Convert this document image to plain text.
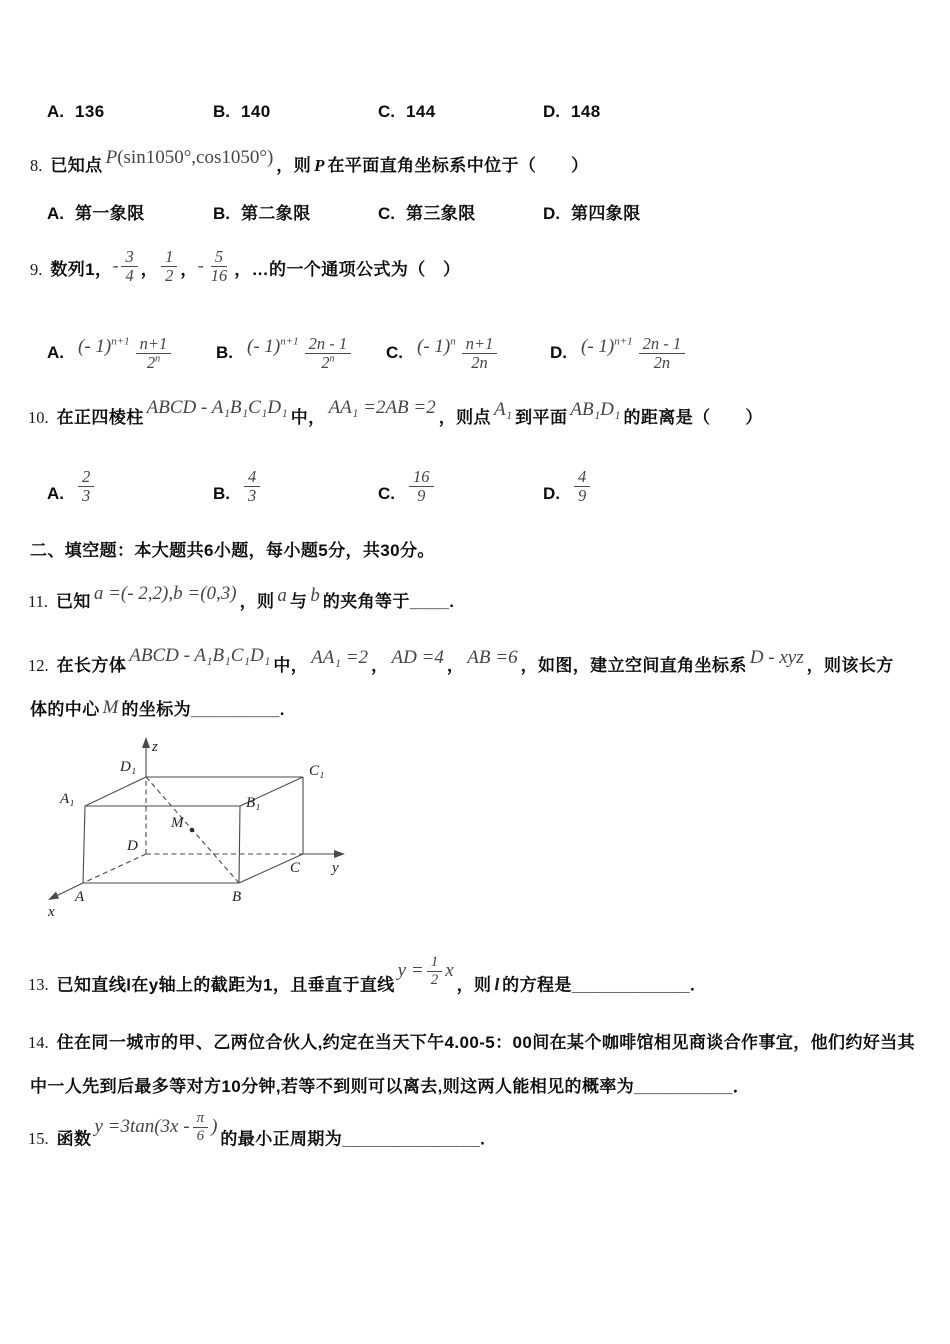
A. 136	B. 140	C. 144	D. 148
8. 已知点 P(sin1050°,cos1050°) ，则 P 在平面直角坐标系中位于（　　）
A. 第一象限	B. 第二象限	C. 第三象限	D. 第四象限
9. 数列1，- $\frac{3}{4}$ ， $\frac{1}{2}$ ，- $\frac{5}{16}$ ，…的一个通项公式为（　）
A. (- $1)^{n+1} \frac{n+1}{2^n}$	B. (- $1)^{n+1} \frac{2n - 1}{2^n} C$. (- $1)^n \frac{n+1}{2n}$	D. (- $1)^{n+1} \frac{2n - 1}{2n}$
10. 在正四棱柱 ABCD - A₁B₁C₁D₁ 中， AA₁ =2AB =2 ，则点 A₁ 到平面 AB₁D₁ 的距离是（　　）
A. $\frac{2}{3}$	B. $\frac{4}{3}$	C. $\frac{16}{9}$	D. $\frac{4}{9}$
二、填空题：本大题共6小题，每小题5分，共30分。
11. 已知 a =(- 2,2),b =(0,3) ，则 a 与 b 的夹角等于____.
12. 在长方体 ABCD - A₁B₁C₁D₁ 中， AA₁ =2 ， AD =4 ， AB =6 ，如图，建立空间直角坐标系 D - xyz ，则该长方
体的中心 M 的坐标为_________.
z
D₁	C₁
A₁	B₁
D
M
C y
A	B
x
13. 已知直线l在y轴上的截距为1，且垂直于直线
$y = \frac{1}{2}$ x
，则 l 的方程是____________.
14. 住在同一城市的甲、乙两位合伙人,约定在当天下午4.00-5：00间在某个咖啡馆相见商谈合作事宜，他们约好当其
中一人先到后最多等对方10分钟,若等不到则可以离去,则这两人能相见的概率为__________．
15. 函数
$y =3\tan(3x - \frac{\pi}{6}$ )
的最小正周期为______________.
